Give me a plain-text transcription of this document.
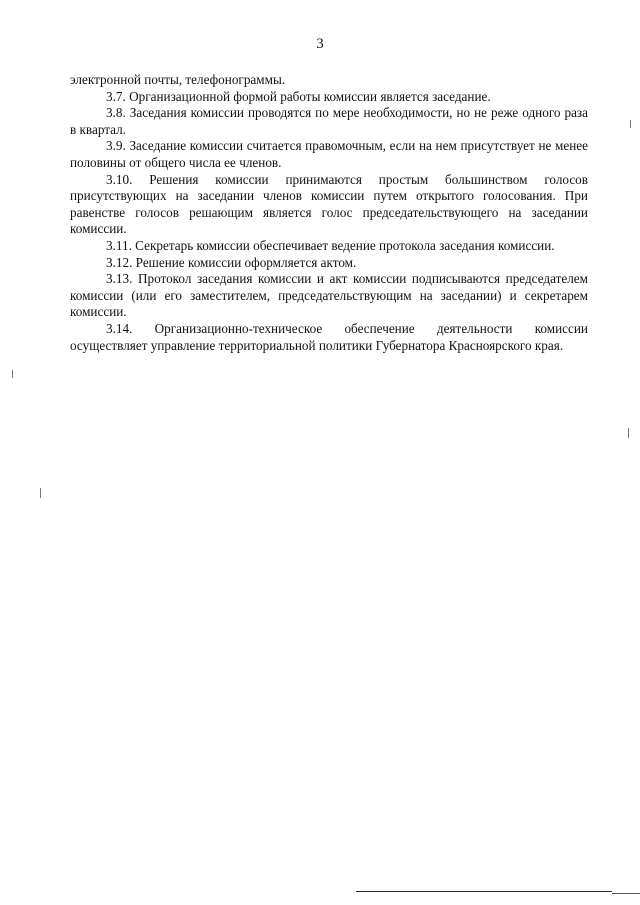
3

электронной почты, телефонограммы.

3.7. Организационной формой работы комиссии является заседание.

3.8. Заседания комиссии проводятся по мере необходимости, но не реже одного раза в квартал.

3.9. Заседание комиссии считается правомочным, если на нем присутствует не менее половины от общего числа ее членов.

3.10. Решения комиссии принимаются простым большинством голосов присутствующих на заседании членов комиссии путем открытого голосования. При равенстве голосов решающим является голос председательствующего на заседании комиссии.

3.11. Секретарь комиссии обеспечивает ведение протокола заседания комиссии.

3.12. Решение комиссии оформляется актом.

3.13. Протокол заседания комиссии и акт комиссии подписываются председателем комиссии (или его заместителем, председательствующим на заседании) и секретарем комиссии.

3.14. Организационно-техническое обеспечение деятельности комиссии осуществляет управление территориальной политики Губернатора Красноярского края.
